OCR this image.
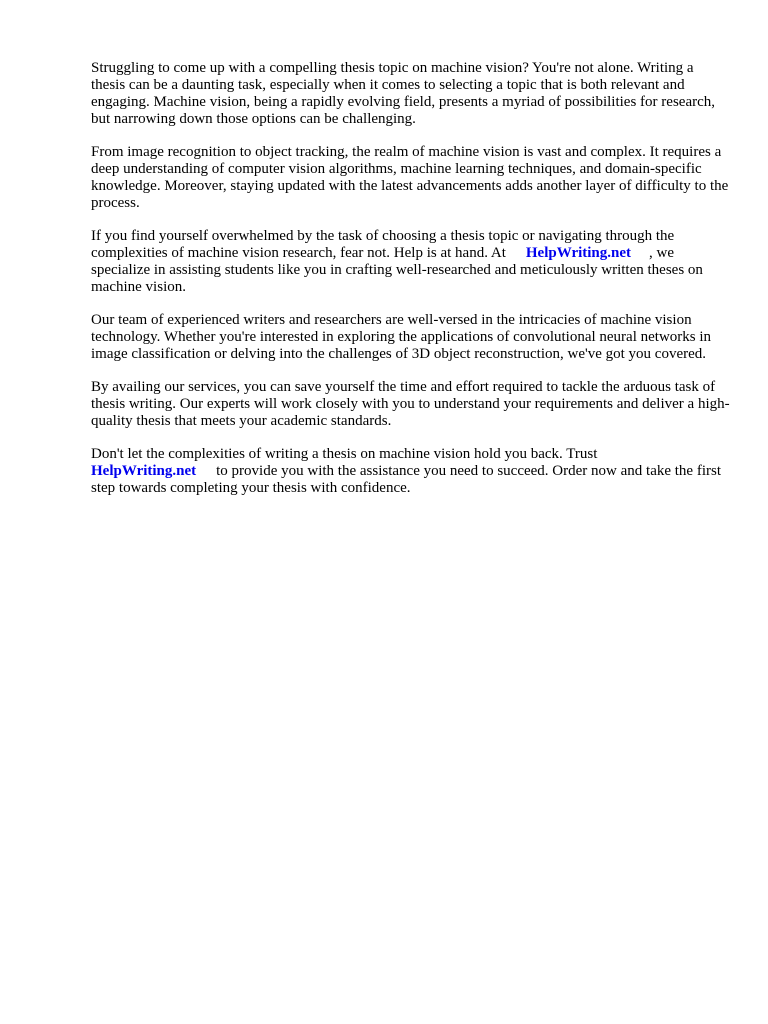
Struggling to come up with a compelling thesis topic on machine vision? You're not alone. Writing a thesis can be a daunting task, especially when it comes to selecting a topic that is both relevant and engaging. Machine vision, being a rapidly evolving field, presents a myriad of possibilities for research, but narrowing down those options can be challenging.

From image recognition to object tracking, the realm of machine vision is vast and complex. It requires a deep understanding of computer vision algorithms, machine learning techniques, and domain-specific knowledge. Moreover, staying updated with the latest advancements adds another layer of difficulty to the process.

If you find yourself overwhelmed by the task of choosing a thesis topic or navigating through the complexities of machine vision research, fear not. Help is at hand. At HelpWriting.net , we specialize in assisting students like you in crafting well-researched and meticulously written theses on machine vision.

Our team of experienced writers and researchers are well-versed in the intricacies of machine vision technology. Whether you're interested in exploring the applications of convolutional neural networks in image classification or delving into the challenges of 3D object reconstruction, we've got you covered.

By availing our services, you can save yourself the time and effort required to tackle the arduous task of thesis writing. Our experts will work closely with you to understand your requirements and deliver a high-quality thesis that meets your academic standards.

Don't let the complexities of writing a thesis on machine vision hold you back. Trust
HelpWriting.net to provide you with the assistance you need to succeed. Order now and take the first step towards completing your thesis with confidence.
